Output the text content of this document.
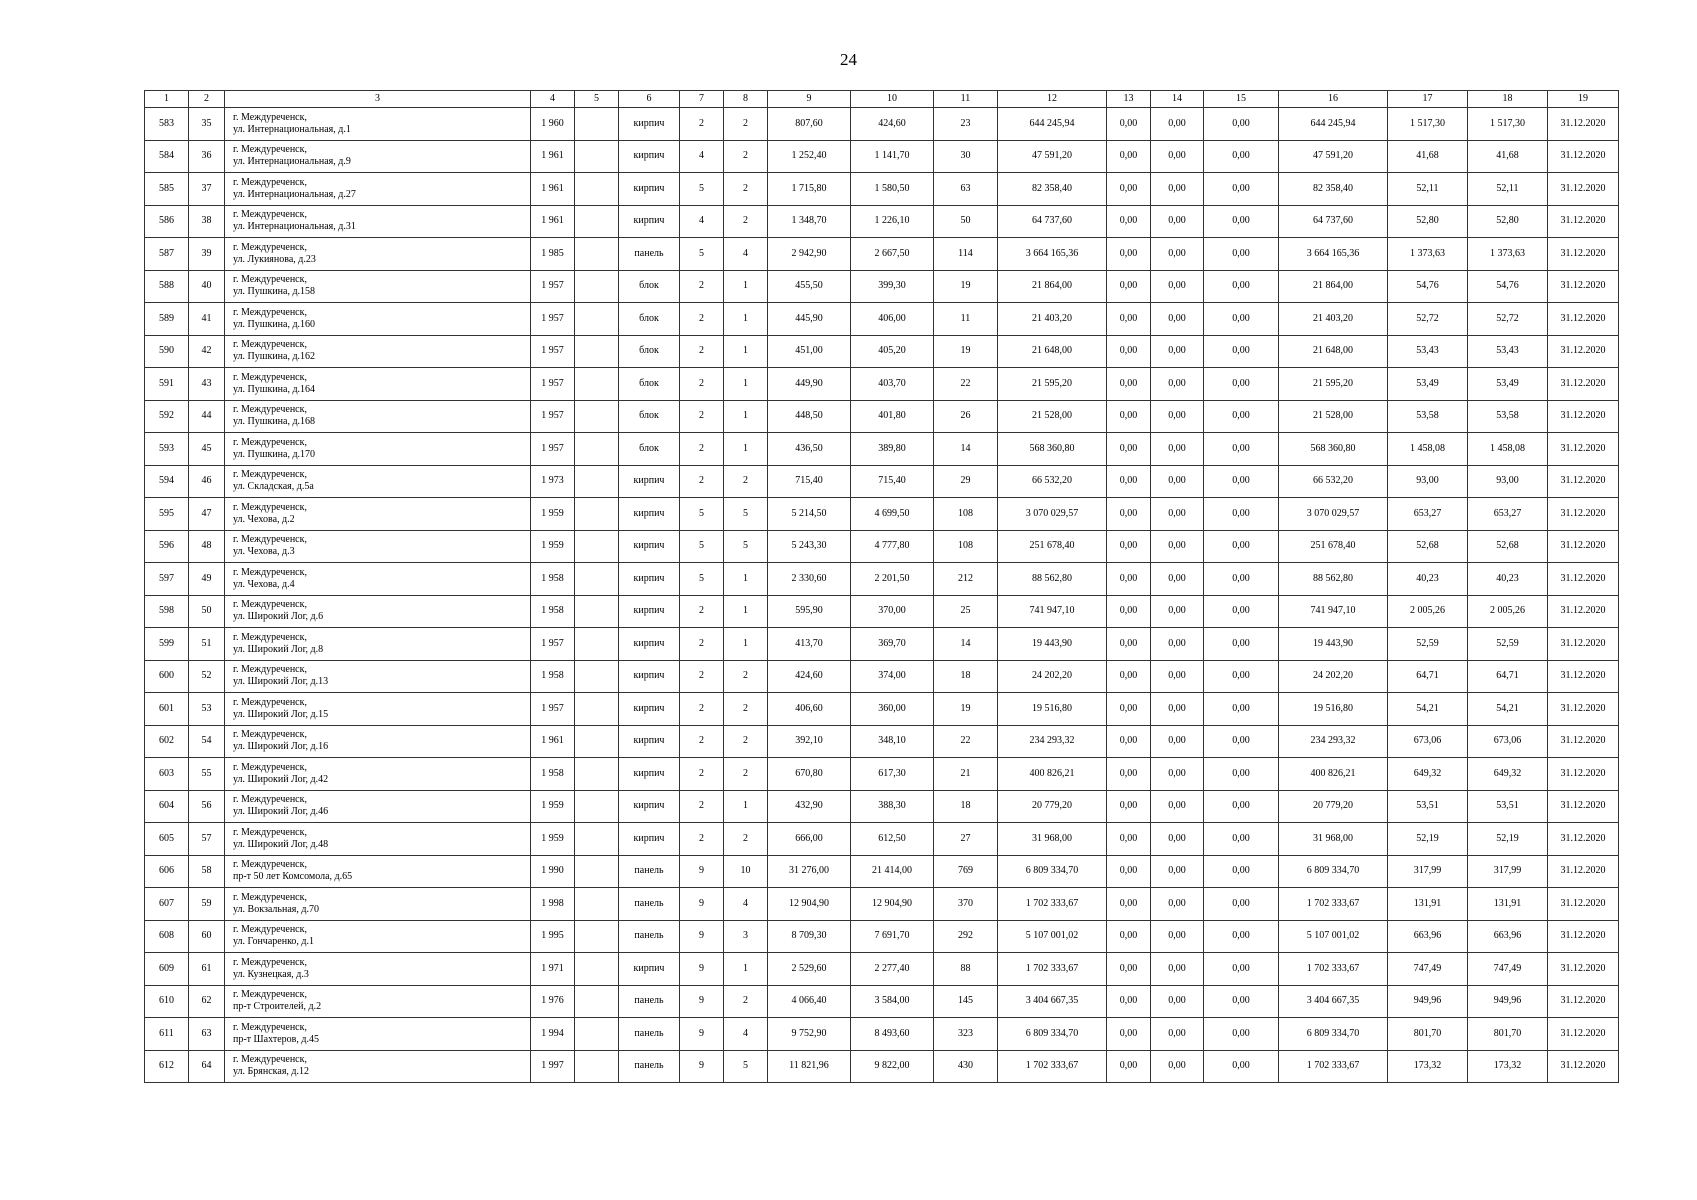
24
1	2	3	4	5	6	7	8	9	10	11	12	13	14	15	16	17	18	19
583	35	г. Междуреченск,
ул. Интернациональная, д.1	1 960		кирпич	2	2	807,60	424,60	23	644 245,94	0,00	0,00	0,00	644 245,94	1 517,30	1 517,30	31.12.2020
584	36	г. Междуреченск,
ул. Интернациональная, д.9	1 961		кирпич	4	2	1 252,40	1 141,70	30	47 591,20	0,00	0,00	0,00	47 591,20	41,68	41,68	31.12.2020
585	37	г. Междуреченск,
ул. Интернациональная, д.27	1 961		кирпич	5	2	1 715,80	1 580,50	63	82 358,40	0,00	0,00	0,00	82 358,40	52,11	52,11	31.12.2020
586	38	г. Междуреченск,
ул. Интернациональная, д.31	1 961		кирпич	4	2	1 348,70	1 226,10	50	64 737,60	0,00	0,00	0,00	64 737,60	52,80	52,80	31.12.2020
587	39	г. Междуреченск,
ул. Лукиянова, д.23	1 985		панель	5	4	2 942,90	2 667,50	114	3 664 165,36	0,00	0,00	0,00	3 664 165,36	1 373,63	1 373,63	31.12.2020
588	40	г. Междуреченск,
ул. Пушкина, д.158	1 957		блок	2	1	455,50	399,30	19	21 864,00	0,00	0,00	0,00	21 864,00	54,76	54,76	31.12.2020
589	41	г. Междуреченск,
ул. Пушкина, д.160	1 957		блок	2	1	445,90	406,00	11	21 403,20	0,00	0,00	0,00	21 403,20	52,72	52,72	31.12.2020
590	42	г. Междуреченск,
ул. Пушкина, д.162	1 957		блок	2	1	451,00	405,20	19	21 648,00	0,00	0,00	0,00	21 648,00	53,43	53,43	31.12.2020
591	43	г. Междуреченск,
ул. Пушкина, д.164	1 957		блок	2	1	449,90	403,70	22	21 595,20	0,00	0,00	0,00	21 595,20	53,49	53,49	31.12.2020
592	44	г. Междуреченск,
ул. Пушкина, д.168	1 957		блок	2	1	448,50	401,80	26	21 528,00	0,00	0,00	0,00	21 528,00	53,58	53,58	31.12.2020
593	45	г. Междуреченск,
ул. Пушкина, д.170	1 957		блок	2	1	436,50	389,80	14	568 360,80	0,00	0,00	0,00	568 360,80	1 458,08	1 458,08	31.12.2020
594	46	г. Междуреченск,
ул. Складская, д.5а	1 973		кирпич	2	2	715,40	715,40	29	66 532,20	0,00	0,00	0,00	66 532,20	93,00	93,00	31.12.2020
595	47	г. Междуреченск,
ул. Чехова, д.2	1 959		кирпич	5	5	5 214,50	4 699,50	108	3 070 029,57	0,00	0,00	0,00	3 070 029,57	653,27	653,27	31.12.2020
596	48	г. Междуреченск,
ул. Чехова, д.3	1 959		кирпич	5	5	5 243,30	4 777,80	108	251 678,40	0,00	0,00	0,00	251 678,40	52,68	52,68	31.12.2020
597	49	г. Междуреченск,
ул. Чехова, д.4	1 958		кирпич	5	1	2 330,60	2 201,50	212	88 562,80	0,00	0,00	0,00	88 562,80	40,23	40,23	31.12.2020
598	50	г. Междуреченск,
ул. Широкий Лог, д.6	1 958		кирпич	2	1	595,90	370,00	25	741 947,10	0,00	0,00	0,00	741 947,10	2 005,26	2 005,26	31.12.2020
599	51	г. Междуреченск,
ул. Широкий Лог, д.8	1 957		кирпич	2	1	413,70	369,70	14	19 443,90	0,00	0,00	0,00	19 443,90	52,59	52,59	31.12.2020
600	52	г. Междуреченск,
ул. Широкий Лог, д.13	1 958		кирпич	2	2	424,60	374,00	18	24 202,20	0,00	0,00	0,00	24 202,20	64,71	64,71	31.12.2020
601	53	г. Междуреченск,
ул. Широкий Лог, д.15	1 957		кирпич	2	2	406,60	360,00	19	19 516,80	0,00	0,00	0,00	19 516,80	54,21	54,21	31.12.2020
602	54	г. Междуреченск,
ул. Широкий Лог, д.16	1 961		кирпич	2	2	392,10	348,10	22	234 293,32	0,00	0,00	0,00	234 293,32	673,06	673,06	31.12.2020
603	55	г. Междуреченск,
ул. Широкий Лог, д.42	1 958		кирпич	2	2	670,80	617,30	21	400 826,21	0,00	0,00	0,00	400 826,21	649,32	649,32	31.12.2020
604	56	г. Междуреченск,
ул. Широкий Лог, д.46	1 959		кирпич	2	1	432,90	388,30	18	20 779,20	0,00	0,00	0,00	20 779,20	53,51	53,51	31.12.2020
605	57	г. Междуреченск,
ул. Широкий Лог, д.48	1 959		кирпич	2	2	666,00	612,50	27	31 968,00	0,00	0,00	0,00	31 968,00	52,19	52,19	31.12.2020
606	58	г. Междуреченск,
пр-т 50 лет Комсомола, д.65	1 990		панель	9	10	31 276,00	21 414,00	769	6 809 334,70	0,00	0,00	0,00	6 809 334,70	317,99	317,99	31.12.2020
607	59	г. Междуреченск,
ул. Вокзальная, д.70	1 998		панель	9	4	12 904,90	12 904,90	370	1 702 333,67	0,00	0,00	0,00	1 702 333,67	131,91	131,91	31.12.2020
608	60	г. Междуреченск,
ул. Гончаренко, д.1	1 995		панель	9	3	8 709,30	7 691,70	292	5 107 001,02	0,00	0,00	0,00	5 107 001,02	663,96	663,96	31.12.2020
609	61	г. Междуреченск,
ул. Кузнецкая, д.3	1 971		кирпич	9	1	2 529,60	2 277,40	88	1 702 333,67	0,00	0,00	0,00	1 702 333,67	747,49	747,49	31.12.2020
610	62	г. Междуреченск,
пр-т Строителей, д.2	1 976		панель	9	2	4 066,40	3 584,00	145	3 404 667,35	0,00	0,00	0,00	3 404 667,35	949,96	949,96	31.12.2020
611	63	г. Междуреченск,
пр-т Шахтеров, д.45	1 994		панель	9	4	9 752,90	8 493,60	323	6 809 334,70	0,00	0,00	0,00	6 809 334,70	801,70	801,70	31.12.2020
612	64	г. Междуреченск,
ул. Брянская, д.12	1 997		панель	9	5	11 821,96	9 822,00	430	1 702 333,67	0,00	0,00	0,00	1 702 333,67	173,32	173,32	31.12.2020
